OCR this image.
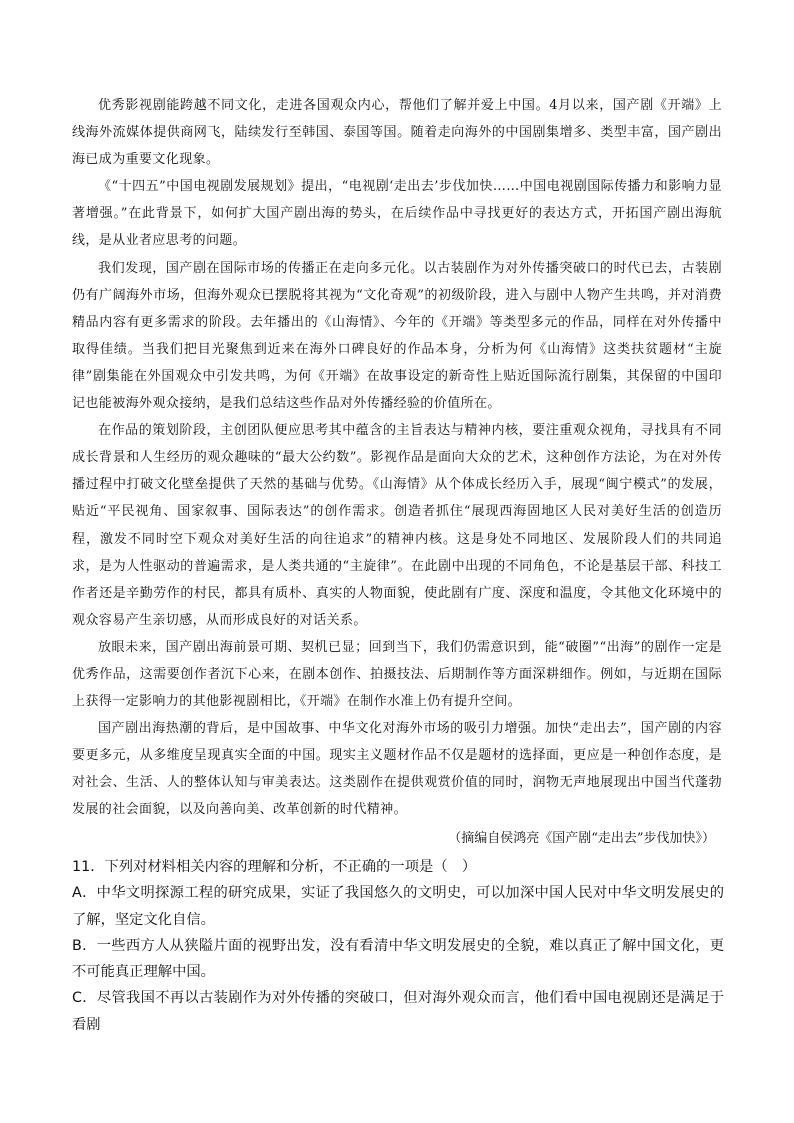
优秀影视剧能跨越不同文化，走进各国观众内心，帮他们了解并爱上中国。4月以来，国产剧《开端》上线海外流媒体提供商网飞，陆续发行至韩国、泰国等国。随着走向海外的中国剧集增多、类型丰富，国产剧出海已成为重要文化现象。

《“十四五”中国电视剧发展规划》提出，“电视剧‘走出去’步伐加快……中国电视剧国际传播力和影响力显著增强。”在此背景下，如何扩大国产剧出海的势头，在后续作品中寻找更好的表达方式，开拓国产剧出海航线，是从业者应思考的问题。

我们发现，国产剧在国际市场的传播正在走向多元化。以古装剧作为对外传播突破口的时代已去，古装剧仍有广阔海外市场，但海外观众已摆脱将其视为“文化奇观”的初级阶段，进入与剧中人物产生共鸣，并对消费精品内容有更多需求的阶段。去年播出的《山海情》、今年的《开端》等类型多元的作品，同样在对外传播中取得佳绩。当我们把目光聚焦到近来在海外口碑良好的作品本身，分析为何《山海情》这类扶贫题材“主旋律”剧集能在外国观众中引发共鸣，为何《开端》在故事设定的新奇性上贴近国际流行剧集，其保留的中国印记也能被海外观众接纳，是我们总结这些作品对外传播经验的价值所在。

在作品的策划阶段，主创团队便应思考其中蕴含的主旨表达与精神内核，要注重观众视角，寻找具有不同成长背景和人生经历的观众趣味的“最大公约数”。影视作品是面向大众的艺术，这种创作方法论，为在对外传播过程中打破文化壁垒提供了天然的基础与优势。《山海情》从个体成长经历入手，展现“闽宁模式”的发展，贴近“平民视角、国家叙事、国际表达”的创作需求。创造者抓住“展现西海固地区人民对美好生活的创造历程，激发不同时空下观众对美好生活的向往追求”的精神内核。这是身处不同地区、发展阶段人们的共同追求，是为人性驱动的普遍需求，是人类共通的“主旋律”。在此剧中出现的不同角色，不论是基层干部、科技工作者还是辛勤劳作的村民，都具有质朴、真实的人物面貌，使此剧有广度、深度和温度，令其他文化环境中的观众容易产生亲切感，从而形成良好的对话关系。

放眼未来，国产剧出海前景可期、契机已显；回到当下，我们仍需意识到，能“破圈”“出海”的剧作一定是优秀作品，这需要创作者沉下心来，在剧本创作、拍摄技法、后期制作等方面深耕细作。例如，与近期在国际上获得一定影响力的其他影视剧相比，《开端》在制作水准上仍有提升空间。

国产剧出海热潮的背后，是中国故事、中华文化对海外市场的吸引力增强。加快“走出去”，国产剧的内容要更多元，从多维度呈现真实全面的中国。现实主义题材作品不仅是题材的选择面，更应是一种创作态度，是对社会、生活、人的整体认知与审美表达。这类剧作在提供观赏价值的同时，润物无声地展现出中国当代蓬勃发展的社会面貌，以及向善向美、改革创新的时代精神。

（摘编自侯鸿亮《国产剧“走出去”步伐加快》）

11．下列对材料相关内容的理解和分析，不正确的一项是（　）

A．中华文明探源工程的研究成果，实证了我国悠久的文明史，可以加深中国人民对中华文明发展史的了解，坚定文化自信。

B．一些西方人从狭隘片面的视野出发，没有看清中华文明发展史的全貌，难以真正了解中国文化，更不可能真正理解中国。

C．尽管我国不再以古装剧作为对外传播的突破口，但对海外观众而言，他们看中国电视剧还是满足于看剧
